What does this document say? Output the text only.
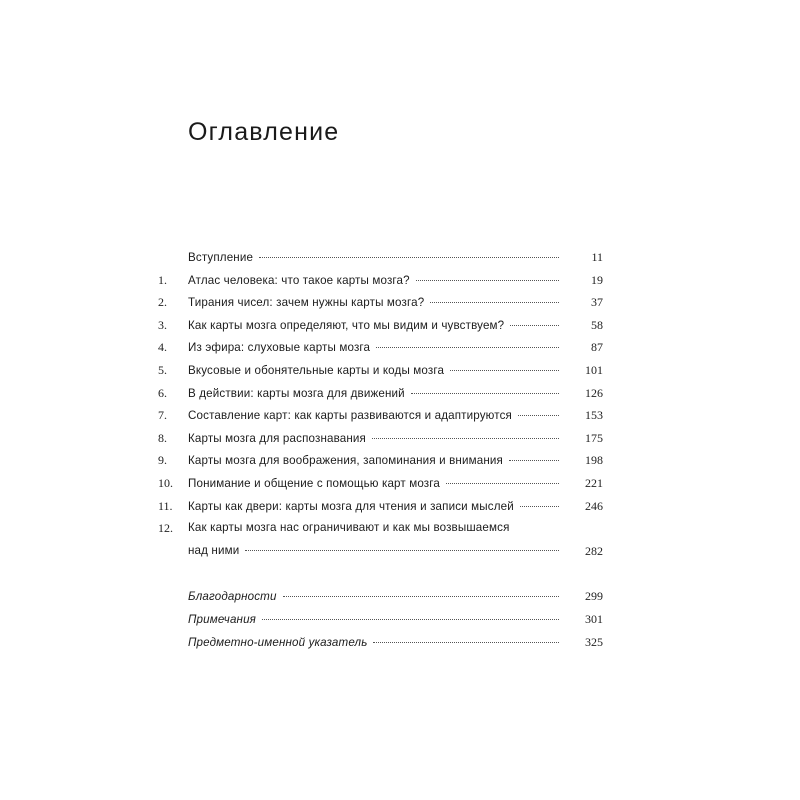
Оглавление
Вступление	11
1.	Атлас человека: что такое карты мозга?	19
2.	Тирания чисел: зачем нужны карты мозга?	37
3.	Как карты мозга определяют, что мы видим и чувствуем?	58
4.	Из эфира: слуховые карты мозга	87
5.	Вкусовые и обонятельные карты и коды мозга	101
6.	В действии: карты мозга для движений	126
7.	Составление карт: как карты развиваются и адаптируются	153
8.	Карты мозга для распознавания	175
9.	Карты мозга для воображения, запоминания и внимания	198
10.	Понимание и общение с помощью карт мозга	221
11.	Карты как двери: карты мозга для чтения и записи мыслей	246
12.	Как карты мозга нас ограничивают и как мы возвышаемся
над ними	282
Благодарности	299
Примечания	301
Предметно-именной указатель	325
